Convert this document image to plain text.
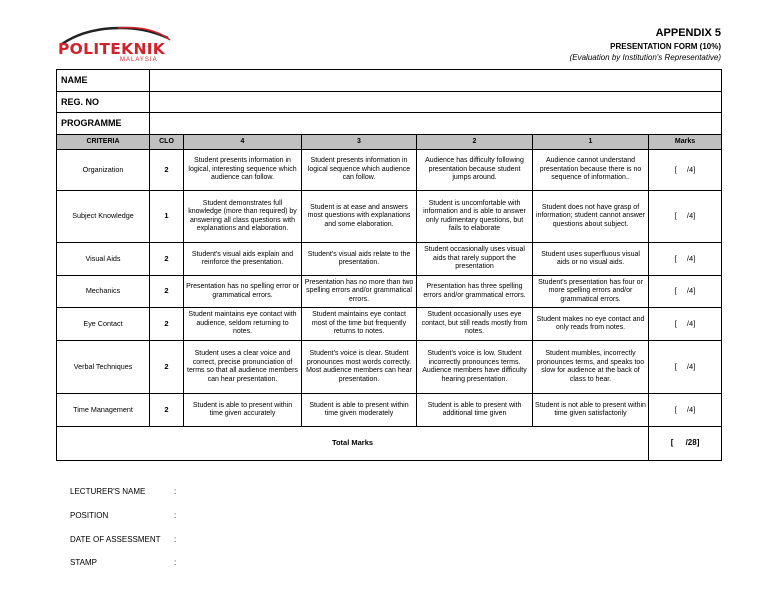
POLITEKNIK
MALAYSIA
APPENDIX 5
PRESENTATION FORM (10%)
(Evaluation by Institution's Representative)
NAME						
REG. NO						
PROGRAMME						
CRITERIA	CLO	4	3	2	1	Marks
Organization	2	Student presents information in logical, interesting sequence which audience can follow.	Student presents information in logical sequence which audience can follow.	Audience has difficulty following presentation because student jumps around.	Audience cannot understand presentation because there is no sequence of information..	[ /4]
Subject Knowledge	1	Student demonstrates full knowledge (more than required) by answering all class questions with explanations and elaboration.	Student is at ease and answers most questions with explanations and some elaboration.	Student is uncomfortable with information and is able to answer only rudimentary questions, but fails to elaborate	Student does not have grasp of information; student cannot answer questions about subject.	[ /4]
Visual Aids	2	Student's visual aids explain and reinforce the presentation.	Student's visual aids relate to the presentation.	Student occasionally uses visual aids that rarely support the presentation	Student uses superfluous visual aids or no visual aids.	[ /4]
Mechanics	2	Presentation has no spelling error or grammatical errors.	Presentation has no more than two spelling errors and/or grammatical errors.	Presentation has three spelling errors and/or grammatical errors.	Student's presentation has four or more spelling errors and/or grammatical errors.	[ /4]
Eye Contact	2	Student maintains eye contact with audience, seldom returning to notes.	Student maintains eye contact most of the time but frequently returns to notes.	Student occasionally uses eye contact, but still reads mostly from notes.	Student makes no eye contact and only reads from notes.	[ /4]
Verbal Techniques	2	Student uses a clear voice and correct, precise pronunciation of terms so that all audience members can hear presentation.	Student's voice is clear. Student pronounces most words correctly. Most audience members can hear presentation.	Student's voice is low. Student incorrectly pronounces terms. Audience members have difficulty hearing presentation.	Student mumbles, incorrectly pronounces terms, and speaks too slow for audience at the back of class to hear.	[ /4]
Time Management	2	Student is able to present within time given accurately	Student is able to present within time given moderately	Student is able to present with additional time given	Student is not able to present within time given satisfactorily	[ /4]
Total Marks						[ /28]
LECTURER'S NAME	:
POSITION	:
DATE OF ASSESSMENT :
STAMP	:
